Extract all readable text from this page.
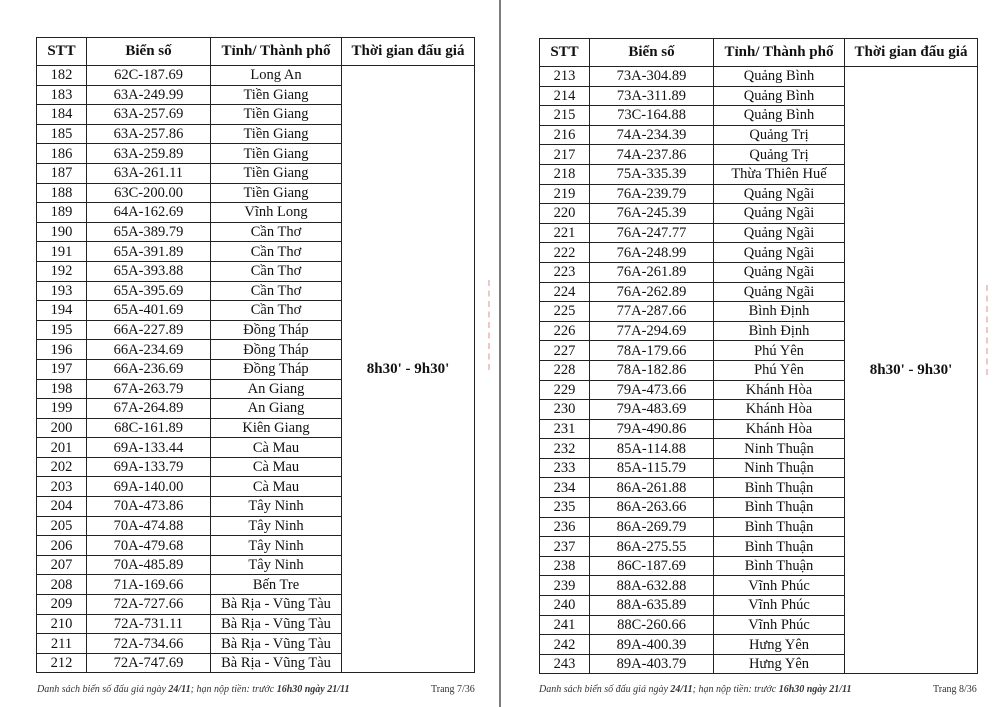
STT	Biển số	Tỉnh/ Thành phố	Thời gian đấu giá
182	62C-187.69	Long An	8h30' - 9h30'
183	63A-249.99	Tiền Giang	
184	63A-257.69	Tiền Giang	
185	63A-257.86	Tiền Giang	
186	63A-259.89	Tiền Giang	
187	63A-261.11	Tiền Giang	
188	63C-200.00	Tiền Giang	
189	64A-162.69	Vĩnh Long	
190	65A-389.79	Cần Thơ	
191	65A-391.89	Cần Thơ	
192	65A-393.88	Cần Thơ	
193	65A-395.69	Cần Thơ	
194	65A-401.69	Cần Thơ	
195	66A-227.89	Đồng Tháp	
196	66A-234.69	Đồng Tháp	
197	66A-236.69	Đồng Tháp	
198	67A-263.79	An Giang	
199	67A-264.89	An Giang	
200	68C-161.89	Kiên Giang	
201	69A-133.44	Cà Mau	
202	69A-133.79	Cà Mau	
203	69A-140.00	Cà Mau	
204	70A-473.86	Tây Ninh	
205	70A-474.88	Tây Ninh	
206	70A-479.68	Tây Ninh	
207	70A-485.89	Tây Ninh	
208	71A-169.66	Bến Tre	
209	72A-727.66	Bà Rịa - Vũng Tàu	
210	72A-731.11	Bà Rịa - Vũng Tàu	
211	72A-734.66	Bà Rịa - Vũng Tàu	
212	72A-747.69	Bà Rịa - Vũng Tàu	
Danh sách biển số đấu giá ngày 24/11; hạn nộp tiền: trước 16h30 ngày 21/11	Trang 7/36
STT	Biển số	Tỉnh/ Thành phố	Thời gian đấu giá
213	73A-304.89	Quảng Bình	8h30' - 9h30'
214	73A-311.89	Quảng Bình	
215	73C-164.88	Quảng Bình	
216	74A-234.39	Quảng Trị	
217	74A-237.86	Quảng Trị	
218	75A-335.39	Thừa Thiên Huế	
219	76A-239.79	Quảng Ngãi	
220	76A-245.39	Quảng Ngãi	
221	76A-247.77	Quảng Ngãi	
222	76A-248.99	Quảng Ngãi	
223	76A-261.89	Quảng Ngãi	
224	76A-262.89	Quảng Ngãi	
225	77A-287.66	Bình Định	
226	77A-294.69	Bình Định	
227	78A-179.66	Phú Yên	
228	78A-182.86	Phú Yên	
229	79A-473.66	Khánh Hòa	
230	79A-483.69	Khánh Hòa	
231	79A-490.86	Khánh Hòa	
232	85A-114.88	Ninh Thuận	
233	85A-115.79	Ninh Thuận	
234	86A-261.88	Bình Thuận	
235	86A-263.66	Bình Thuận	
236	86A-269.79	Bình Thuận	
237	86A-275.55	Bình Thuận	
238	86C-187.69	Bình Thuận	
239	88A-632.88	Vĩnh Phúc	
240	88A-635.89	Vĩnh Phúc	
241	88C-260.66	Vĩnh Phúc	
242	89A-400.39	Hưng Yên	
243	89A-403.79	Hưng Yên	
Danh sách biển số đấu giá ngày 24/11; hạn nộp tiền: trước 16h30 ngày 21/11	Trang 8/36
